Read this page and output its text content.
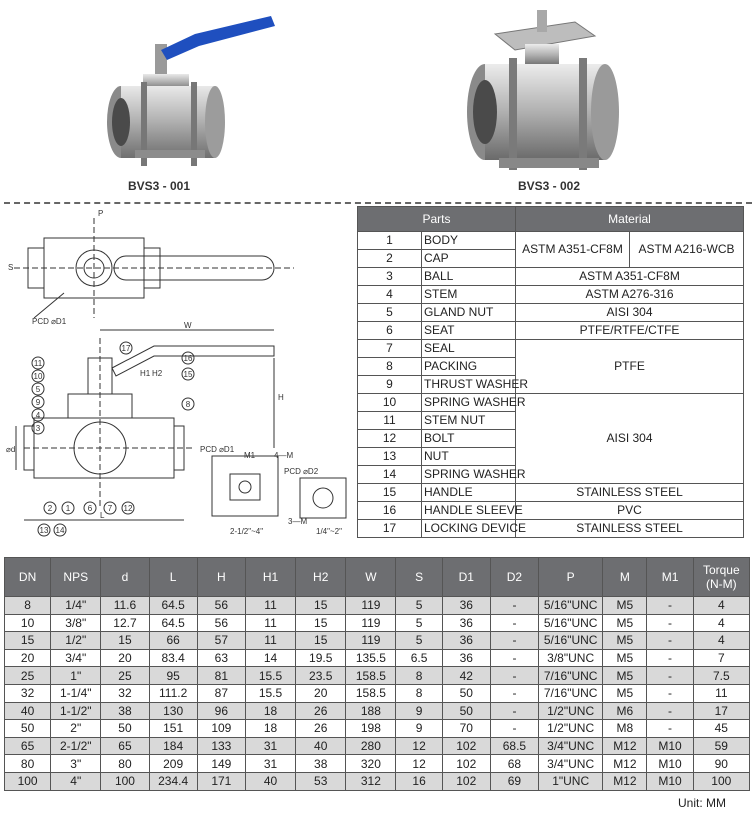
BVS3 - 001	BVS3 - 002
PCD ⌀D1	W
H
H1 H2
L
⌀d
P
S
PCD ⌀D1
M1 4—M
PCD ⌀D2
3—M
2-1/2"~4"	1/4"~2"
11
10
5
9
4
3
2 1 6 7 12
13 14
17
16
15
8
Parts		Material	
1	BODY	ASTM A351-CF8M	ASTM A216-WCB
2	CAP		
3	BALL	ASTM A351-CF8M	
4	STEM	ASTM A276-316	
5	GLAND NUT	AISI 304	
6	SEAT	PTFE/RTFE/CTFE	
7	SEAL	PTFE	
8	PACKING		
9	THRUST WASHER		
10	SPRING WASHER	AISI 304	
11	STEM NUT		
12	BOLT		
13	NUT		
14	SPRING WASHER		
15	HANDLE	STAINLESS STEEL	
16	HANDLE SLEEVE	PVC	
17	LOCKING DEVICE	STAINLESS STEEL	
DN	NPS	d	L	H	H1	H2	W	S	D1	D2	P	M	M1	Torque (N-M)
8	1/4"	11.6	64.5	56	11	15	119	5	36	-	5/16"UNC	M5	-	4
10	3/8"	12.7	64.5	56	11	15	119	5	36	-	5/16"UNC	M5	-	4
15	1/2"	15	66	57	11	15	119	5	36	-	5/16"UNC	M5	-	4
20	3/4"	20	83.4	63	14	19.5	135.5	6.5	36	-	3/8"UNC	M5	-	7
25	1"	25	95	81	15.5	23.5	158.5	8	42	-	7/16"UNC	M5	-	7.5
32	1-1/4"	32	111.2	87	15.5	20	158.5	8	50	-	7/16"UNC	M5	-	11
40	1-1/2"	38	130	96	18	26	188	9	50	-	1/2"UNC	M6	-	17
50	2"	50	151	109	18	26	198	9	70	-	1/2"UNC	M8	-	45
65	2-1/2"	65	184	133	31	40	280	12	102	68.5	3/4"UNC	M12	M10	59
80	3"	80	209	149	31	38	320	12	102	68	3/4"UNC	M12	M10	90
100	4"	100	234.4	171	40	53	312	16	102	69	1"UNC	M12	M10	100
Unit: MM
